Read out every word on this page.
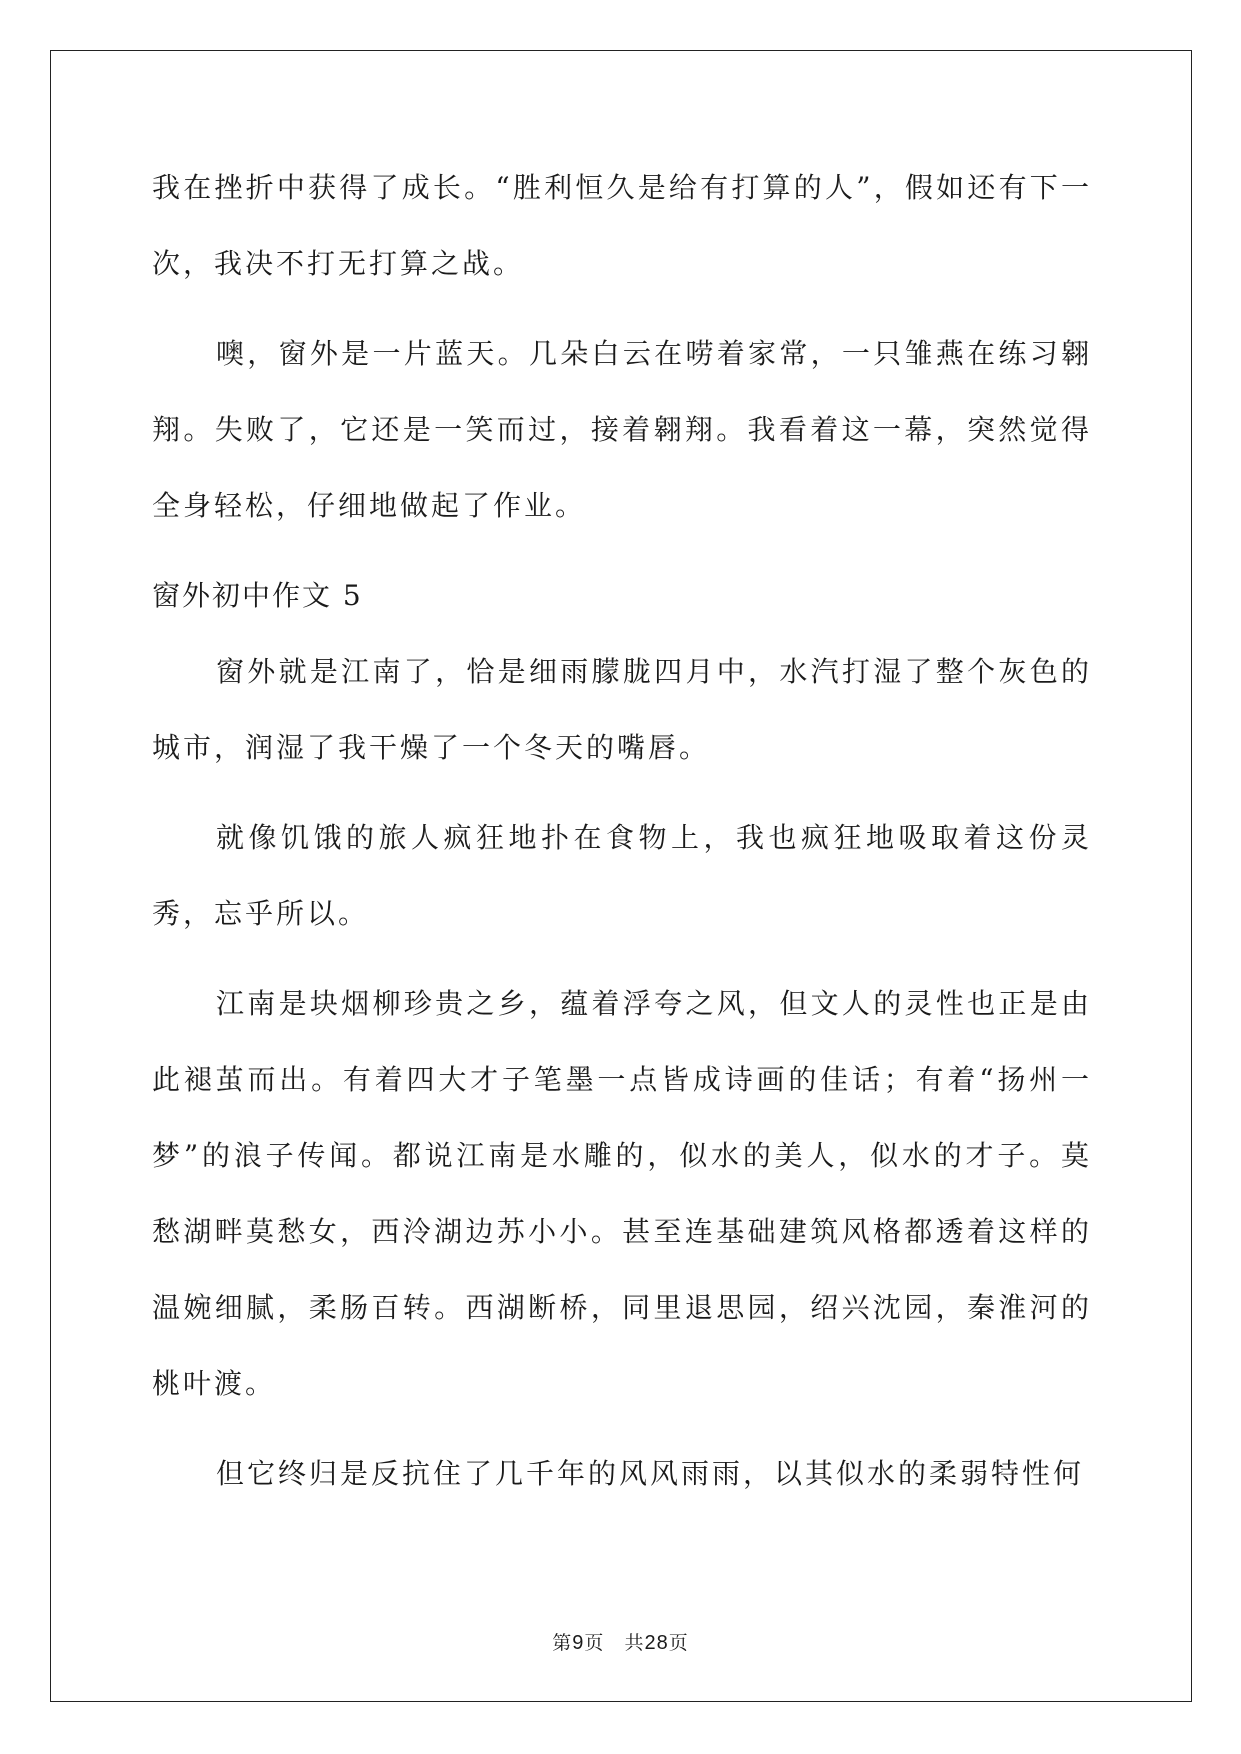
我在挫折中获得了成长。“胜利恒久是给有打算的人”，假如还有下一次，我决不打无打算之战。

噢，窗外是一片蓝天。几朵白云在唠着家常，一只雏燕在练习翱翔。失败了，它还是一笑而过，接着翱翔。我看着这一幕，突然觉得全身轻松，仔细地做起了作业。

窗外初中作文 5

窗外就是江南了，恰是细雨朦胧四月中，水汽打湿了整个灰色的城市，润湿了我干燥了一个冬天的嘴唇。

就像饥饿的旅人疯狂地扑在食物上，我也疯狂地吸取着这份灵秀，忘乎所以。

江南是块烟柳珍贵之乡，蕴着浮夸之风，但文人的灵性也正是由此褪茧而出。有着四大才子笔墨一点皆成诗画的佳话；有着“扬州一梦”的浪子传闻。都说江南是水雕的，似水的美人，似水的才子。莫愁湖畔莫愁女，西泠湖边苏小小。甚至连基础建筑风格都透着这样的温婉细腻，柔肠百转。西湖断桥，同里退思园，绍兴沈园，秦淮河的桃叶渡。

但它终归是反抗住了几千年的风风雨雨，以其似水的柔弱特性何

第9页 共28页
